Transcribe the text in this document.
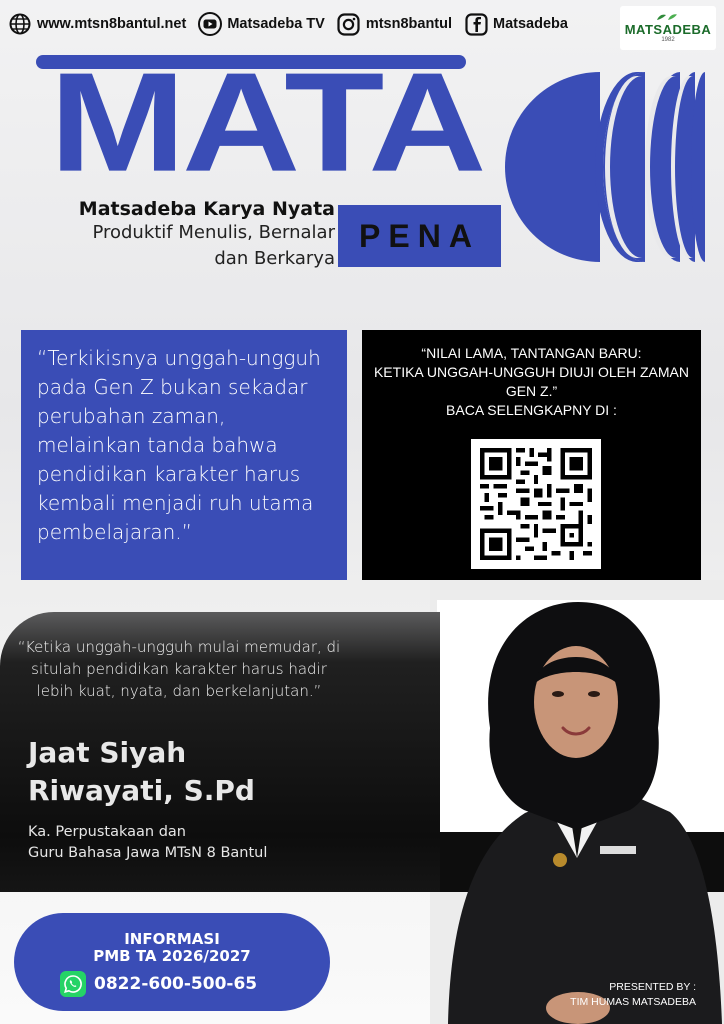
www.mtsn8bantul.net	Matsadeba TV	mtsn8bantul	Matsadeba	MATSADEBA
1982
MATA
Matsadeba Karya Nyata
Produktif Menulis, Bernalar
dan Berkarya
PENA

“Terkikisnya unggah-ungguh pada Gen Z bukan sekadar perubahan zaman, melainkan tanda bahwa pendidikan karakter harus kembali menjadi ruh utama pembelajaran.”

“NILAI LAMA, TANTANGAN BARU:
KETIKA UNGGAH-UNGGUH DIUJI OLEH ZAMAN
GEN Z.”
BACA SELENGKAPNY DI :

“Ketika unggah-ungguh mulai memudar, di situlah pendidikan karakter harus hadir lebih kuat, nyata, dan berkelanjutan.”

Jaat Siyah
Riwayati, S.Pd
Ka. Perpustakaan dan
Guru Bahasa Jawa MTsN 8 Bantul
INFORMASI
PMB TA 2026/2027
0822-600-500-65	PRESENTED BY :
TIM HUMAS MATSADEBA
